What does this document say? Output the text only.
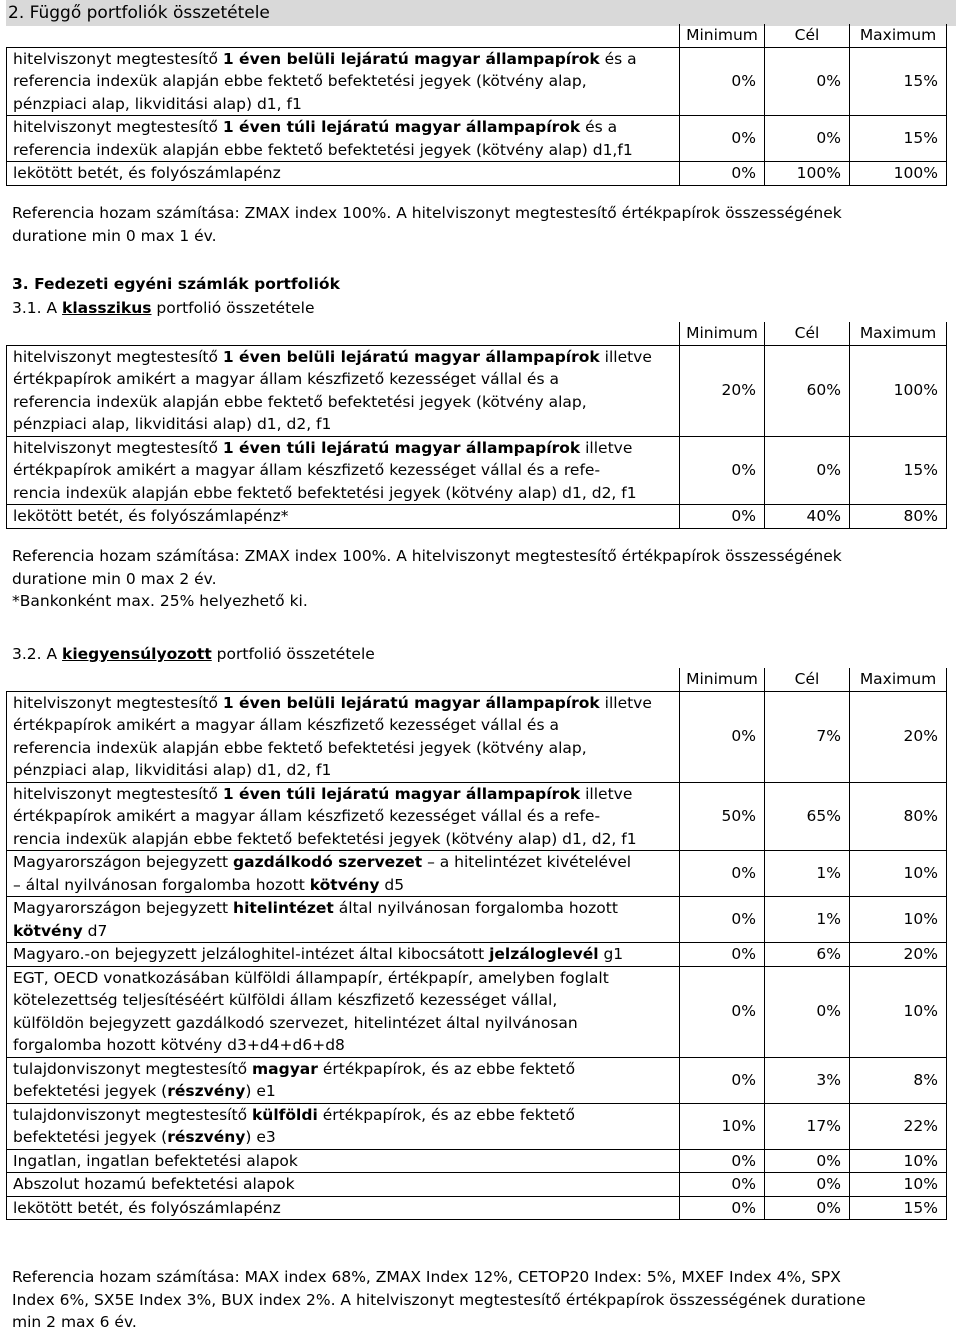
2. Függő portfoliók összetétele
	Minimum	Cél	Maximum
hitelviszonyt megtestesítő 1 éven belüli lejáratú magyar állampapírok és a
referencia indexük alapján ebbe fektető befektetési jegyek (kötvény alap,
pénzpiaci alap, likviditási alap) d1, f1	0%	0%	15%
hitelviszonyt megtestesítő 1 éven túli lejáratú magyar állampapírok és a
referencia indexük alapján ebbe fektető befektetési jegyek (kötvény alap) d1,f1	0%	0%	15%
lekötött betét, és folyószámlapénz	0%	100%	100%
Referencia hozam számítása: ZMAX index 100%. A hitelviszonyt megtestesítő értékpapírok összességének
duratione min 0 max 1 év.
3. Fedezeti egyéni számlák portfoliók
3.1. A klasszikus portfolió összetétele
	Minimum	Cél	Maximum
hitelviszonyt megtestesítő 1 éven belüli lejáratú magyar állampapírok illetve
értékpapírok amikért a magyar állam készfizető kezességet vállal és a
referencia indexük alapján ebbe fektető befektetési jegyek (kötvény alap,
pénzpiaci alap, likviditási alap) d1, d2, f1	20%	60%	100%
hitelviszonyt megtestesítő 1 éven túli lejáratú magyar állampapírok illetve
értékpapírok amikért a magyar állam készfizető kezességet vállal és a refe-
rencia indexük alapján ebbe fektető befektetési jegyek (kötvény alap) d1, d2, f1	0%	0%	15%
lekötött betét, és folyószámlapénz*	0%	40%	80%
Referencia hozam számítása: ZMAX index 100%. A hitelviszonyt megtestesítő értékpapírok összességének
duratione min 0 max 2 év.
*Bankonként max. 25% helyezhető ki.
3.2. A kiegyensúlyozott portfolió összetétele
	Minimum	Cél	Maximum
hitelviszonyt megtestesítő 1 éven belüli lejáratú magyar állampapírok illetve
értékpapírok amikért a magyar állam készfizető kezességet vállal és a
referencia indexük alapján ebbe fektető befektetési jegyek (kötvény alap,
pénzpiaci alap, likviditási alap) d1, d2, f1	0%	7%	20%
hitelviszonyt megtestesítő 1 éven túli lejáratú magyar állampapírok illetve
értékpapírok amikért a magyar állam készfizető kezességet vállal és a refe-
rencia indexük alapján ebbe fektető befektetési jegyek (kötvény alap) d1, d2, f1	50%	65%	80%
Magyarországon bejegyzett gazdálkodó szervezet – a hitelintézet kivételével
– által nyilvánosan forgalomba hozott kötvény d5	0%	1%	10%
Magyarországon bejegyzett hitelintézet által nyilvánosan forgalomba hozott
kötvény d7	0%	1%	10%
Magyaro.-on bejegyzett jelzáloghitel-intézet által kibocsátott jelzáloglevél g1	0%	6%	20%
EGT, OECD vonatkozásában külföldi állampapír, értékpapír, amelyben foglalt
kötelezettség teljesítéséért külföldi állam készfizető kezességet vállal,
külföldön bejegyzett gazdálkodó szervezet, hitelintézet által nyilvánosan
forgalomba hozott kötvény d3+d4+d6+d8	0%	0%	10%
tulajdonviszonyt megtestesítő magyar értékpapírok, és az ebbe fektető
befektetési jegyek (részvény) e1	0%	3%	8%
tulajdonviszonyt megtestesítő külföldi értékpapírok, és az ebbe fektető
befektetési jegyek (részvény) e3	10%	17%	22%
Ingatlan, ingatlan befektetési alapok	0%	0%	10%
Abszolut hozamú befektetési alapok	0%	0%	10%
lekötött betét, és folyószámlapénz	0%	0%	15%
Referencia hozam számítása: MAX index 68%, ZMAX Index 12%, CETOP20 Index: 5%, MXEF Index 4%, SPX
Index 6%, SX5E Index 3%, BUX index 2%. A hitelviszonyt megtestesítő értékpapírok összességének duratione
min 2 max 6 év.
